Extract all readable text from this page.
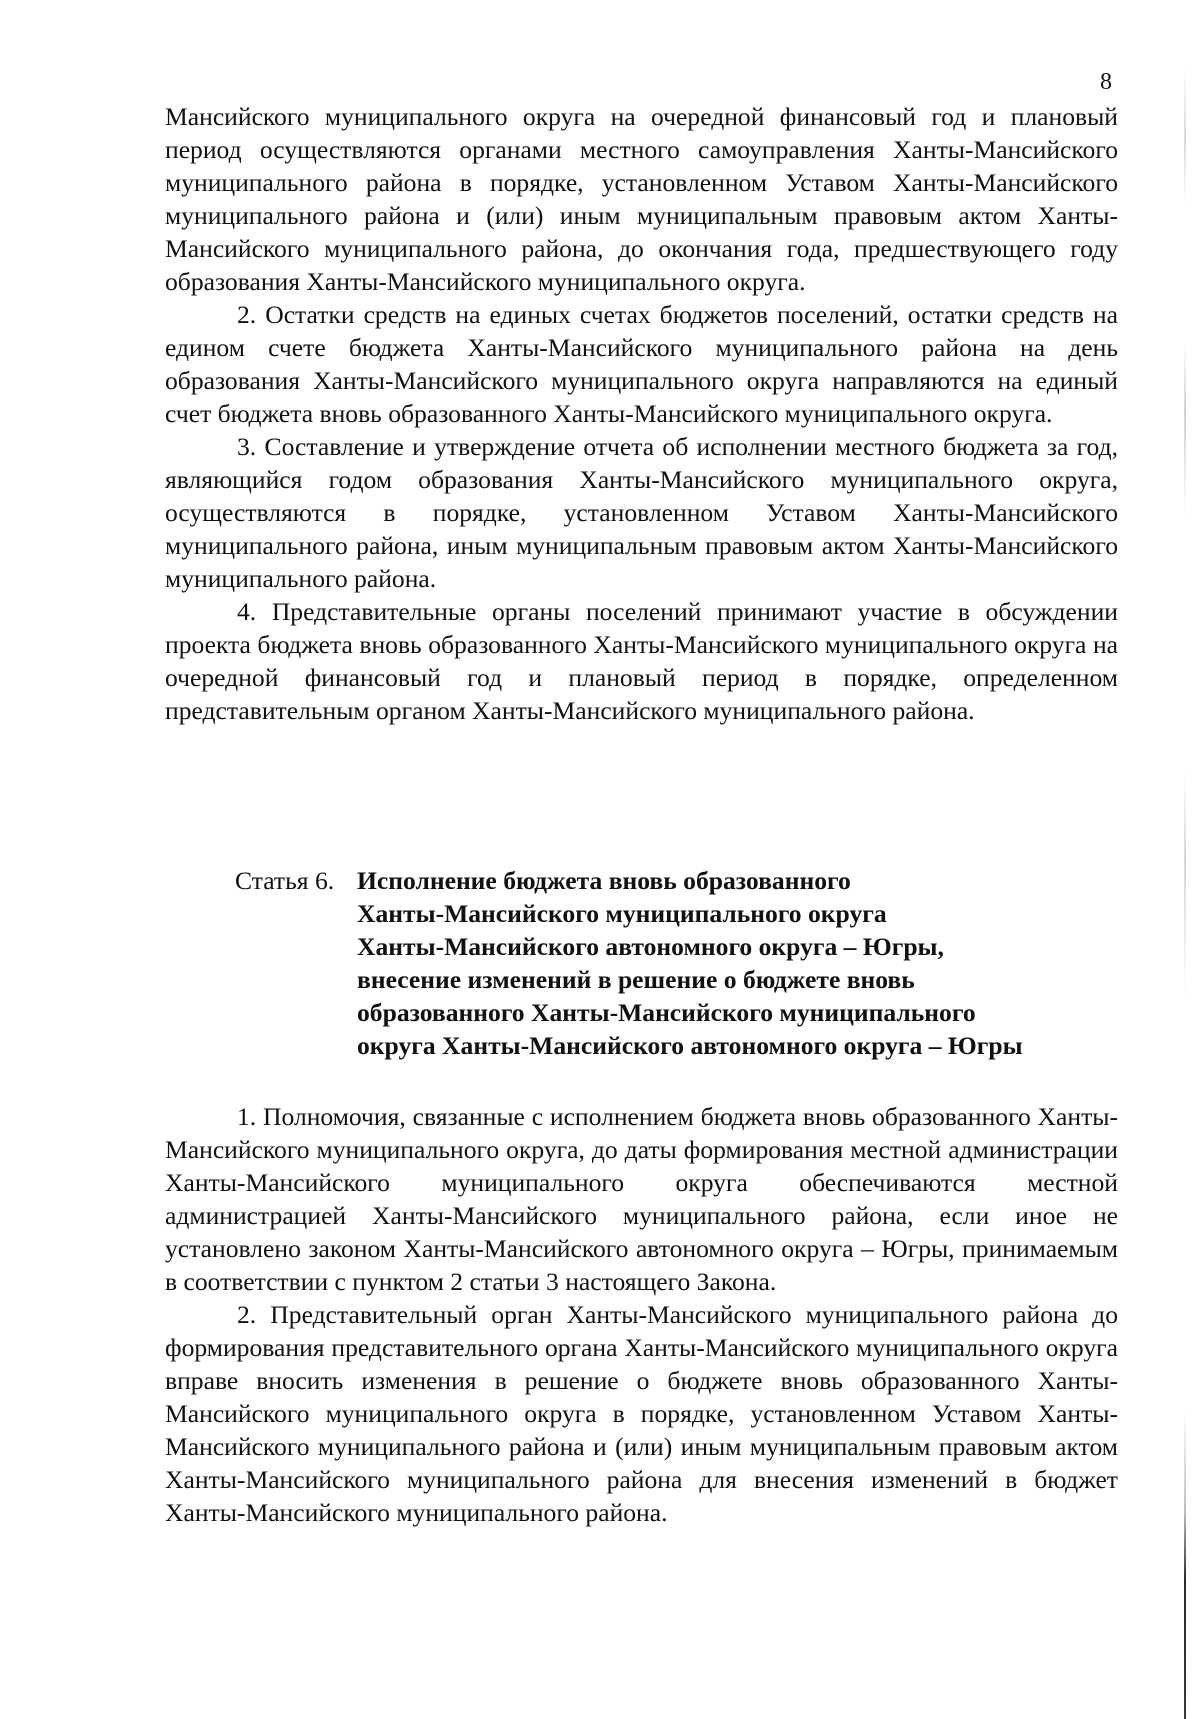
8

Мансийского муниципального округа на очередной финансовый год и плановый период осуществляются органами местного самоуправления Ханты-Мансийского муниципального района в порядке, установленном Уставом Ханты-Мансийского муниципального района и (или) иным муниципальным правовым актом Ханты-Мансийского муниципального района, до окончания года, предшествующего году образования Ханты-Мансийского муниципального округа.

2. Остатки средств на единых счетах бюджетов поселений, остатки средств на едином счете бюджета Ханты-Мансийского муниципального района на день образования Ханты-Мансийского муниципального округа направляются на единый счет бюджета вновь образованного Ханты-Мансийского муниципального округа.

3. Составление и утверждение отчета об исполнении местного бюджета за год, являющийся годом образования Ханты-Мансийского муниципального округа, осуществляются в порядке, установленном Уставом Ханты-Мансийского муниципального района, иным муниципальным правовым актом Ханты-Мансийского муниципального района.

4. Представительные органы поселений принимают участие в обсуждении проекта бюджета вновь образованного Ханты-Мансийского муниципального округа на очередной финансовый год и плановый период в порядке, определенном представительным органом Ханты-Мансийского муниципального района.

Статья 6. Исполнение бюджета вновь образованного
Ханты-Мансийского муниципального округа
Ханты-Мансийского автономного округа – Югры,
внесение изменений в решение о бюджете вновь
образованного Ханты-Мансийского муниципального
округа Ханты-Мансийского автономного округа – Югры

1. Полномочия, связанные с исполнением бюджета вновь образованного Ханты-Мансийского муниципального округа, до даты формирования местной администрации Ханты-Мансийского муниципального округа обеспечиваются местной администрацией Ханты-Мансийского муниципального района, если иное не установлено законом Ханты-Мансийского автономного округа – Югры, принимаемым в соответствии с пунктом 2 статьи 3 настоящего Закона.

2. Представительный орган Ханты-Мансийского муниципального района до формирования представительного органа Ханты-Мансийского муниципального округа вправе вносить изменения в решение о бюджете вновь образованного Ханты-Мансийского муниципального округа в порядке, установленном Уставом Ханты-Мансийского муниципального района и (или) иным муниципальным правовым актом Ханты-Мансийского муниципального района для внесения изменений в бюджет Ханты-Мансийского муниципального района.
